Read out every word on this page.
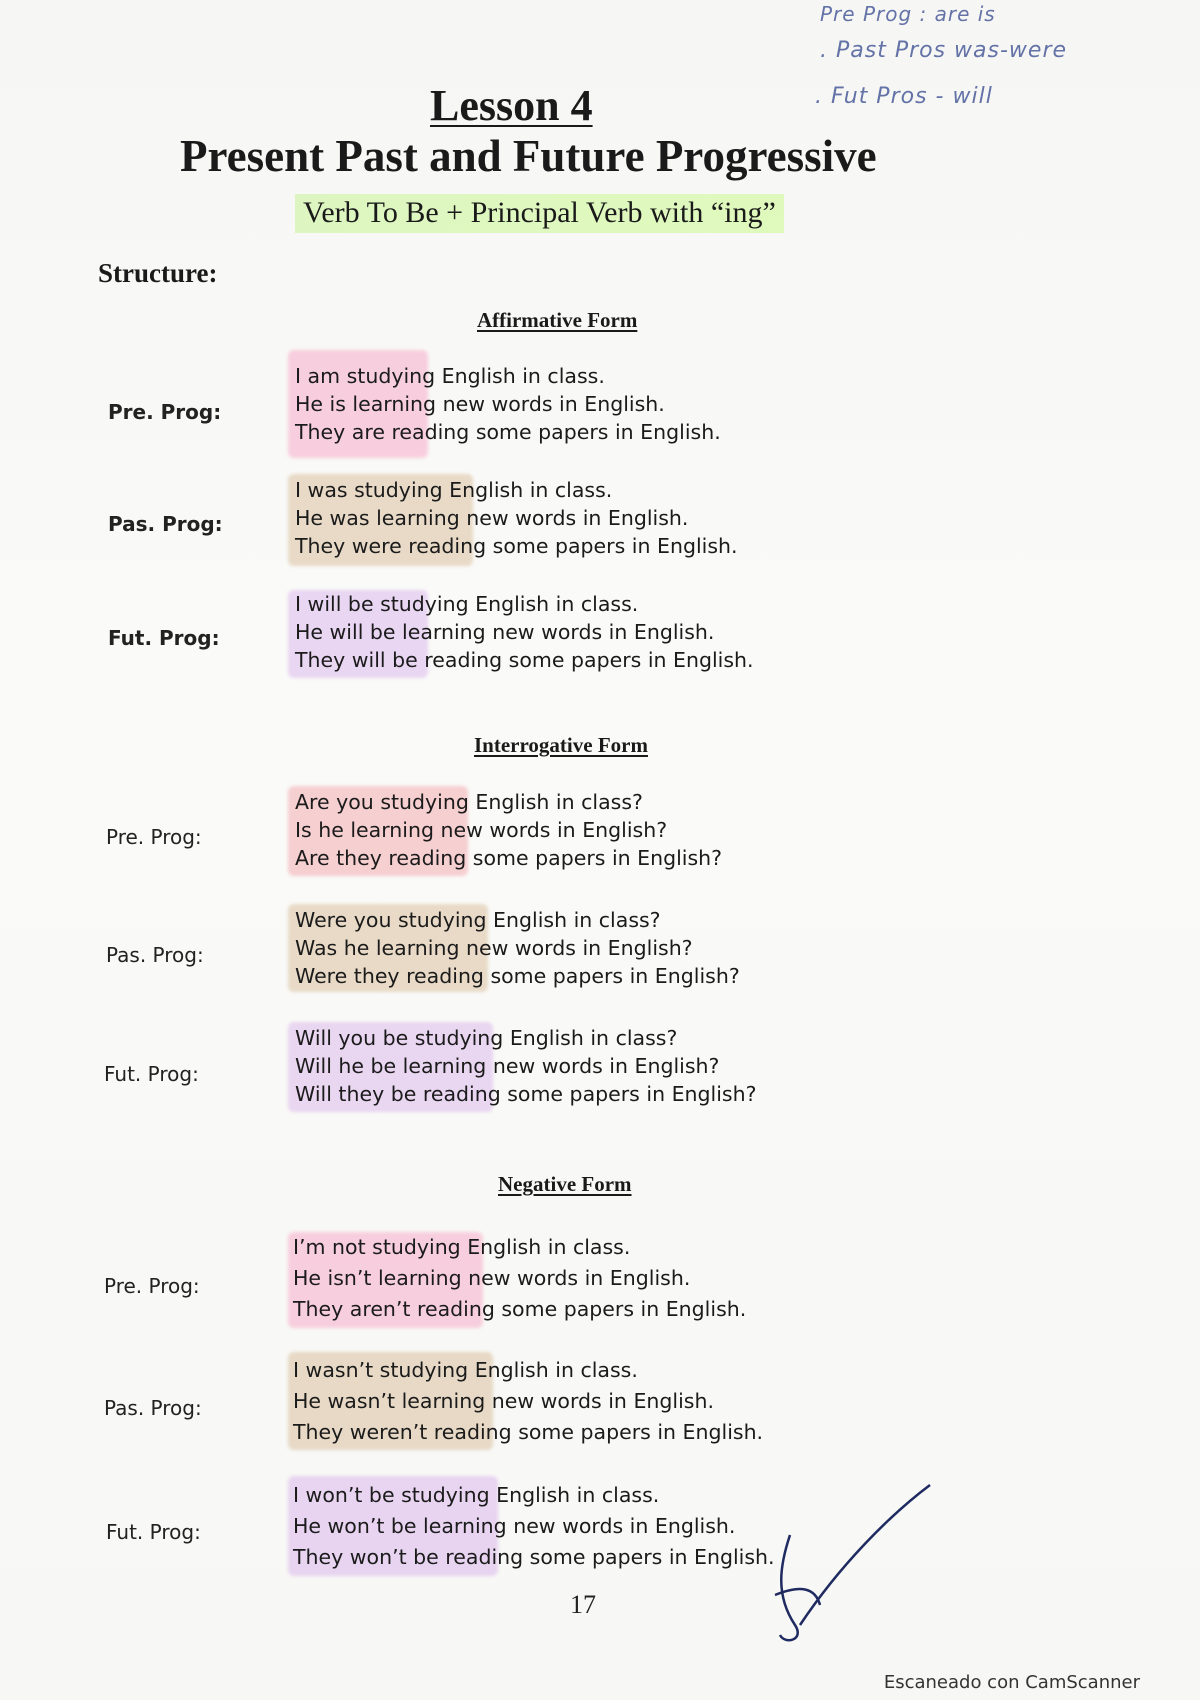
Pre Prog : are is
. Past Pros was-were
. Fut Pros - will
Lesson 4
Present Past and Future Progressive
Verb To Be + Principal Verb with “ing”
Structure:
Affirmative Form
Pre. Prog:
I am studying English in class.
He is learning new words in English.
They are reading some papers in English.
Pas. Prog:
I was studying English in class.
He was learning new words in English.
They were reading some papers in English.
Fut. Prog:
I will be studying English in class.
He will be learning new words in English.
They will be reading some papers in English.
Interrogative Form
Pre. Prog:
Are you studying English in class?
Is he learning new words in English?
Are they reading some papers in English?
Pas. Prog:
Were you studying English in class?
Was he learning new words in English?
Were they reading some papers in English?
Fut. Prog:
Will you be studying English in class?
Will he be learning new words in English?
Will they be reading some papers in English?
Negative Form
Pre. Prog:
I’m not studying English in class.
He isn’t learning new words in English.
They aren’t reading some papers in English.
Pas. Prog:
I wasn’t studying English in class.
He wasn’t learning new words in English.
They weren’t reading some papers in English.
Fut. Prog:
I won’t be studying English in class.
He won’t be learning new words in English.
They won’t be reading some papers in English.
17
Escaneado con CamScanner
